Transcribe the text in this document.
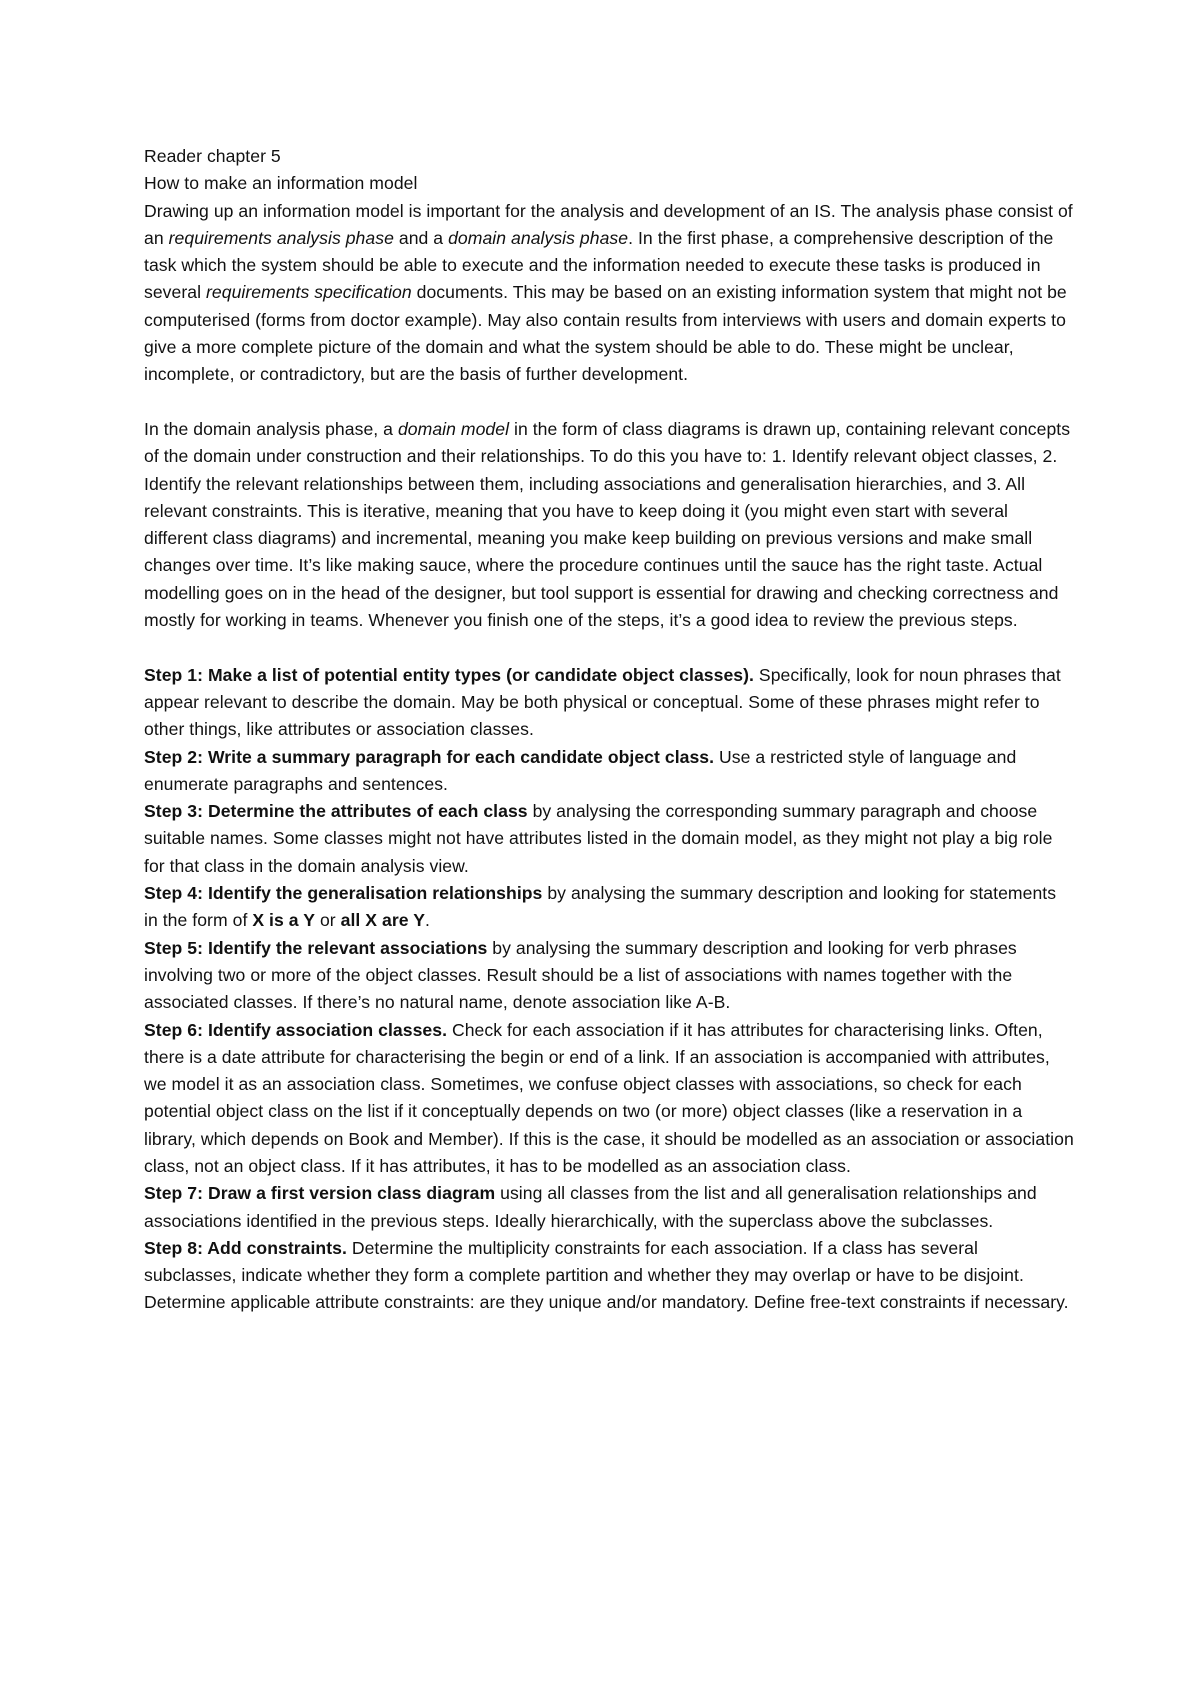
Reader chapter 5

How to make an information model

Drawing up an information model is important for the analysis and development of an IS. The analysis phase consist of an requirements analysis phase and a domain analysis phase. In the first phase, a comprehensive description of the task which the system should be able to execute and the information needed to execute these tasks is produced in several requirements specification documents. This may be based on an existing information system that might not be computerised (forms from doctor example). May also contain results from interviews with users and domain experts to give a more complete picture of the domain and what the system should be able to do. These might be unclear, incomplete, or contradictory, but are the basis of further development.

In the domain analysis phase, a domain model in the form of class diagrams is drawn up, containing relevant concepts of the domain under construction and their relationships. To do this you have to: 1. Identify relevant object classes, 2. Identify the relevant relationships between them, including associations and generalisation hierarchies, and 3. All relevant constraints. This is iterative, meaning that you have to keep doing it (you might even start with several different class diagrams) and incremental, meaning you make keep building on previous versions and make small changes over time. It’s like making sauce, where the procedure continues until the sauce has the right taste. Actual modelling goes on in the head of the designer, but tool support is essential for drawing and checking correctness and mostly for working in teams. Whenever you finish one of the steps, it’s a good idea to review the previous steps.

Step 1: Make a list of potential entity types (or candidate object classes). Specifically, look for noun phrases that appear relevant to describe the domain. May be both physical or conceptual. Some of these phrases might refer to other things, like attributes or association classes.

Step 2: Write a summary paragraph for each candidate object class. Use a restricted style of language and enumerate paragraphs and sentences.

Step 3: Determine the attributes of each class by analysing the corresponding summary paragraph and choose suitable names. Some classes might not have attributes listed in the domain model, as they might not play a big role for that class in the domain analysis view.

Step 4: Identify the generalisation relationships by analysing the summary description and looking for statements in the form of X is a Y or all X are Y.

Step 5: Identify the relevant associations by analysing the summary description and looking for verb phrases involving two or more of the object classes. Result should be a list of associations with names together with the associated classes. If there’s no natural name, denote association like A-B.

Step 6: Identify association classes. Check for each association if it has attributes for characterising links. Often, there is a date attribute for characterising the begin or end of a link. If an association is accompanied with attributes, we model it as an association class. Sometimes, we confuse object classes with associations, so check for each potential object class on the list if it conceptually depends on two (or more) object classes (like a reservation in a library, which depends on Book and Member). If this is the case, it should be modelled as an association or association class, not an object class. If it has attributes, it has to be modelled as an association class.

Step 7: Draw a first version class diagram using all classes from the list and all generalisation relationships and associations identified in the previous steps. Ideally hierarchically, with the superclass above the subclasses.

Step 8: Add constraints. Determine the multiplicity constraints for each association. If a class has several subclasses, indicate whether they form a complete partition and whether they may overlap or have to be disjoint. Determine applicable attribute constraints: are they unique and/or mandatory. Define free-text constraints if necessary.
